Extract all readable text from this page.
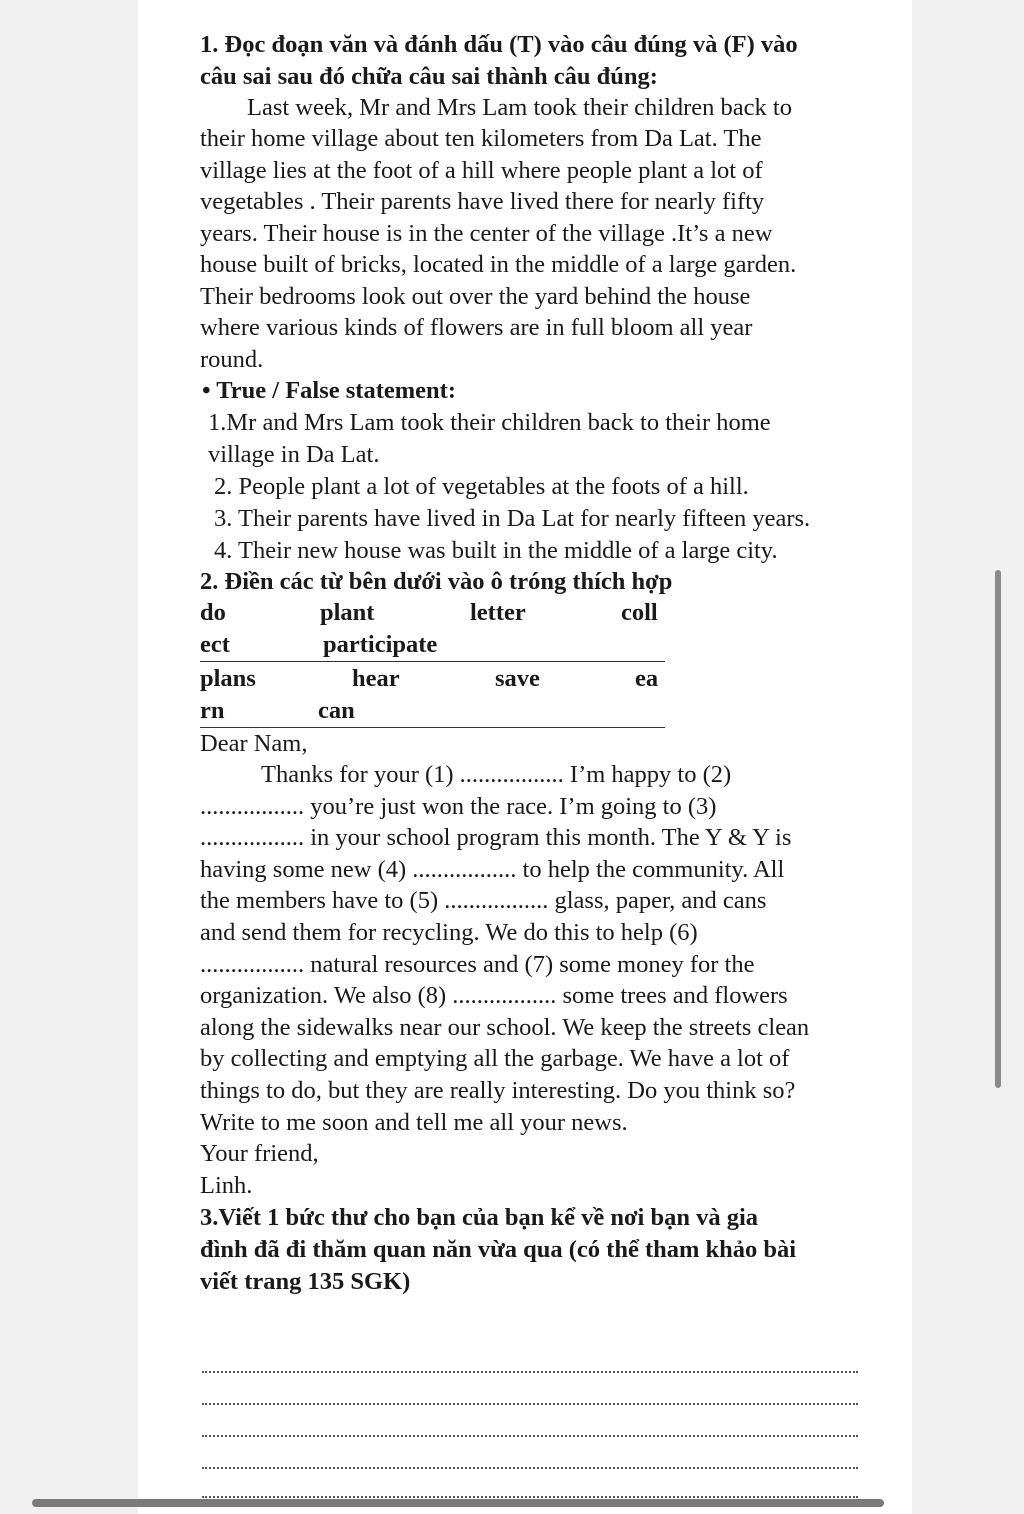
1. Đọc đoạn văn và đánh dấu (T) vào câu đúng và (F) vào
câu sai sau đó chữa câu sai thành câu đúng:
Last week, Mr and Mrs Lam took their children back to
their home village about ten kilometers from Da Lat. The
village lies at the foot of a hill where people plant a lot of
vegetables . Their parents have lived there for nearly fifty
years. Their house is in the center of the village .It’s a new
house built of bricks, located in the middle of a large garden.
Their bedrooms look out over the yard behind the house
where various kinds of flowers are in full bloom all year
round.
• True / False statement:
1.Mr and Mrs Lam took their children back to their home
village in Da Lat.
2. People plant a lot of vegetables at the foots of a hill.
3. Their parents have lived in Da Lat for nearly fifteen years.
4. Their new house was built in the middle of a large city.
2. Điền các từ bên dưới vào ô tróng thích hợp
do	plant	letter	coll
ect	participate
plans	hear	save	ea
rn	can
Dear Nam,
Thanks for your (1) ................. I’m happy to (2)
................. you’re just won the race. I’m going to (3)
................. in your school program this month. The Y & Y is
having some new (4) ................. to help the community. All
the members have to (5) ................. glass, paper, and cans
and send them for recycling. We do this to help (6)
................. natural resources and (7) some money for the
organization. We also (8) ................. some trees and flowers
along the sidewalks near our school. We keep the streets clean
by collecting and emptying all the garbage. We have a lot of
things to do, but they are really interesting. Do you think so?
Write to me soon and tell me all your news.
Your friend,
Linh.
3.Viết 1 bức thư cho bạn của bạn kể về nơi bạn và gia
đình đã đi thăm quan năn vừa qua (có thể tham khảo bài
viết trang 135 SGK)
